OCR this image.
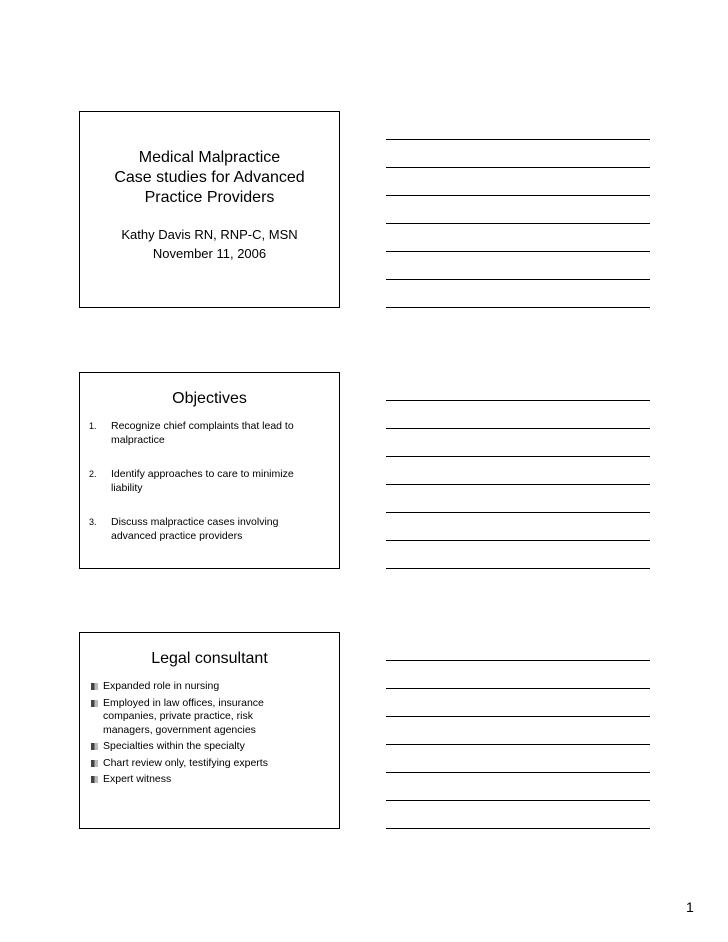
Medical Malpractice
Case studies for Advanced
Practice Providers
Kathy Davis RN, RNP-C, MSN
November 11, 2006
Objectives
1. Recognize chief complaints that lead to
malpractice
2. Identify approaches to care to minimize
liability
3. Discuss malpractice cases involving
advanced practice providers
Legal consultant
Expanded role in nursing
Employed in law offices, insurance
companies, private practice, risk
managers, government agencies
Specialties within the specialty
Chart review only, testifying experts
Expert witness
1
